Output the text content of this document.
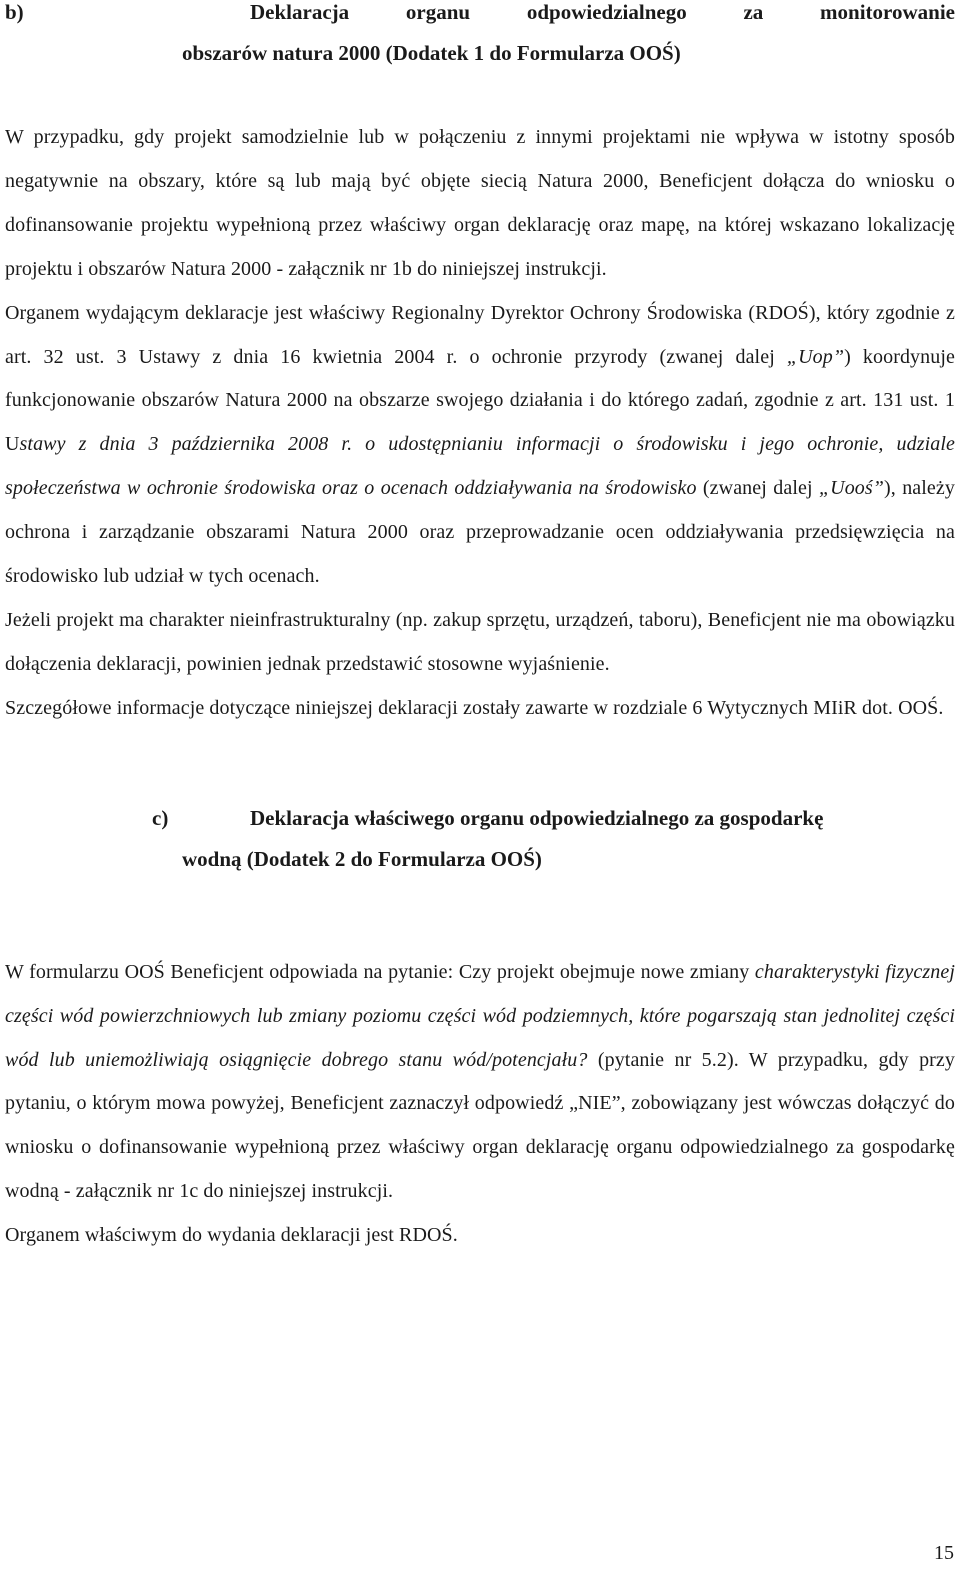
b)	Deklaracja organu odpowiedzialnego za monitorowanie
obszarów natura 2000 (Dodatek 1 do Formularza OOŚ)

W przypadku, gdy projekt samodzielnie lub w połączeniu z innymi projektami nie wpływa w istotny sposób negatywnie na obszary, które są lub mają być objęte siecią Natura 2000, Beneficjent dołącza do wniosku o dofinansowanie projektu wypełnioną przez właściwy organ deklarację oraz mapę, na której wskazano lokalizację projektu i obszarów Natura 2000 - załącznik nr 1b do niniejszej instrukcji.

Organem wydającym deklaracje jest właściwy Regionalny Dyrektor Ochrony Środowiska (RDOŚ), który zgodnie z art. 32 ust. 3 Ustawy z dnia 16 kwietnia 2004 r. o ochronie przyrody (zwanej dalej „Uop”) koordynuje funkcjonowanie obszarów Natura 2000 na obszarze swojego działania i do którego zadań, zgodnie z art. 131 ust. 1 Ustawy z dnia 3 października 2008 r. o udostępnianiu informacji o środowisku i jego ochronie, udziale społeczeństwa w ochronie środowiska oraz o ocenach oddziaływania na środowisko (zwanej dalej „Uooś”), należy ochrona i zarządzanie obszarami Natura 2000 oraz przeprowadzanie ocen oddziaływania przedsięwzięcia na środowisko lub udział w tych ocenach.

Jeżeli projekt ma charakter nieinfrastrukturalny (np. zakup sprzętu, urządzeń, taboru), Beneficjent nie ma obowiązku dołączenia deklaracji, powinien jednak przedstawić stosowne wyjaśnienie.

Szczegółowe informacje dotyczące niniejszej deklaracji zostały zawarte w rozdziale 6 Wytycznych MIiR dot. OOŚ.

c)	Deklaracja właściwego organu odpowiedzialnego za gospodarkę
wodną (Dodatek 2 do Formularza OOŚ)

W formularzu OOŚ Beneficjent odpowiada na pytanie: Czy projekt obejmuje nowe zmiany charakterystyki fizycznej części wód powierzchniowych lub zmiany poziomu części wód podziemnych, które pogarszają stan jednolitej części wód lub uniemożliwiają osiągnięcie dobrego stanu wód/potencjału? (pytanie nr 5.2). W przypadku, gdy przy pytaniu, o którym mowa powyżej, Beneficjent zaznaczył odpowiedź „NIE”, zobowiązany jest wówczas dołączyć do wniosku o dofinansowanie wypełnioną przez właściwy organ deklarację organu odpowiedzialnego za gospodarkę wodną - załącznik nr 1c do niniejszej instrukcji.

Organem właściwym do wydania deklaracji jest RDOŚ.

15
